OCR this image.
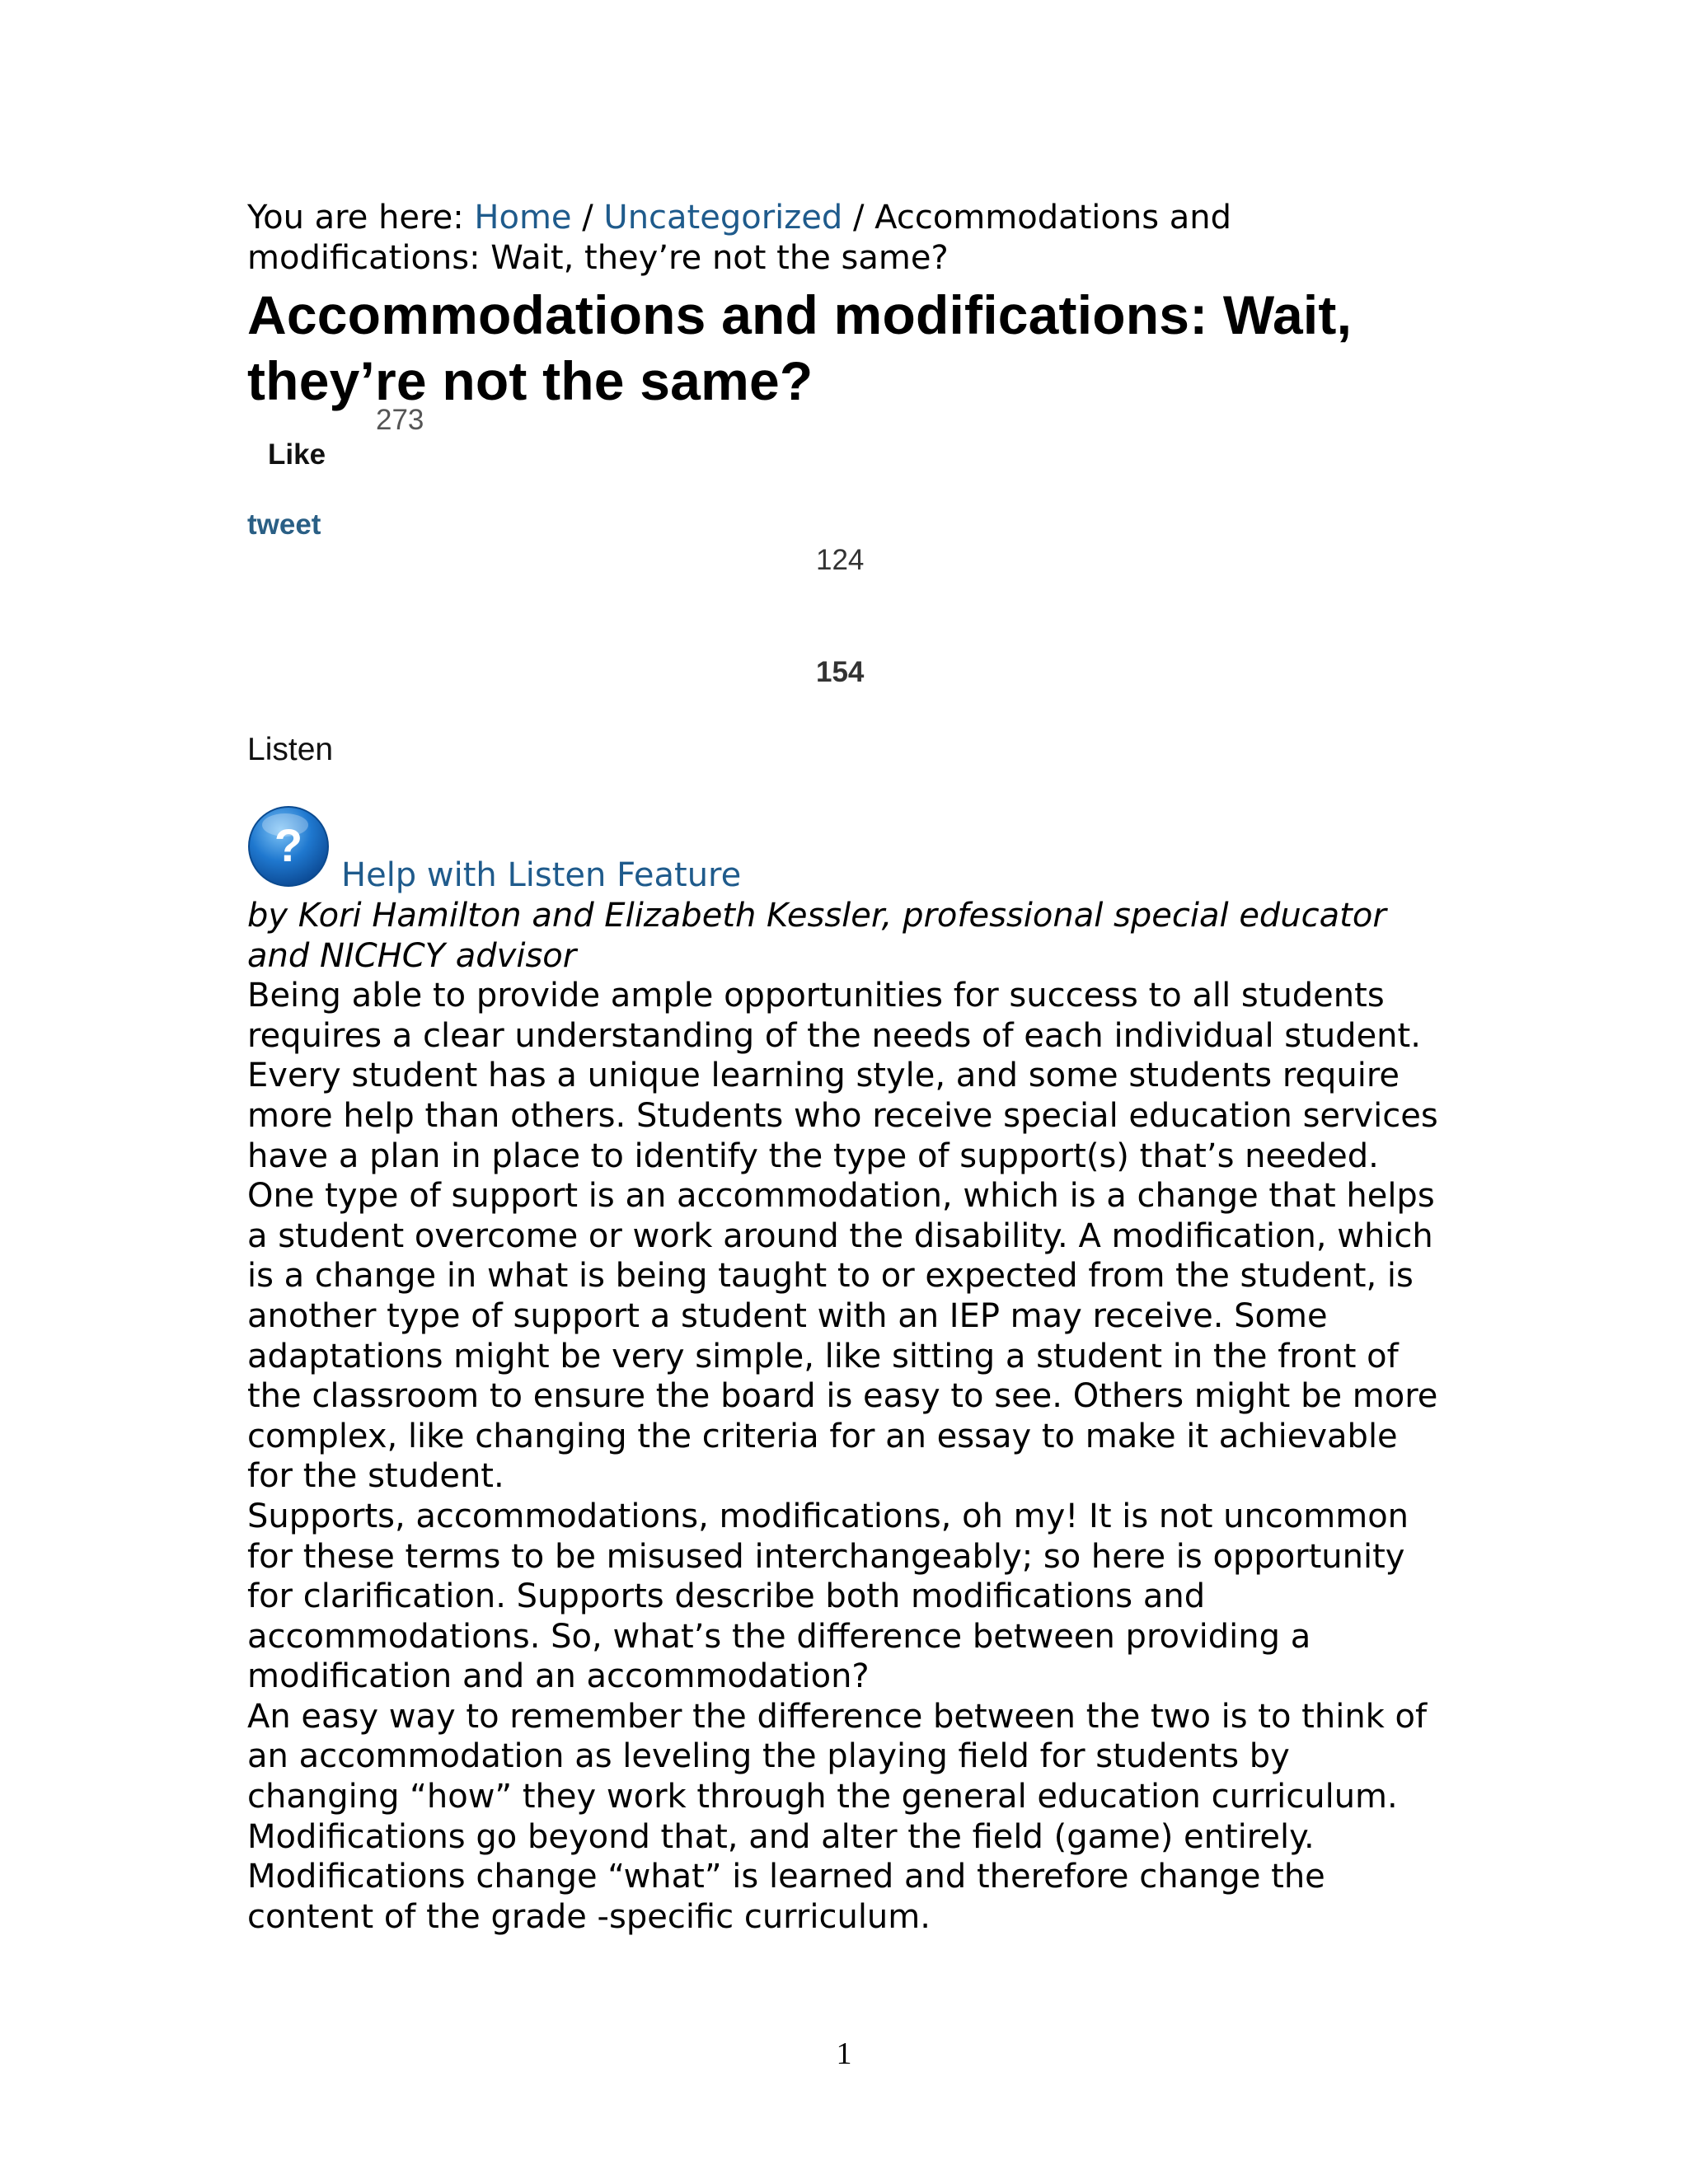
You are here: Home / Uncategorized / Accommodations and modifications: Wait, they’re not the same?

Accommodations and modifications: Wait, they’re not the same?
273
Like
tweet
124
154
Listen
?
Help with Listen Feature

by Kori Hamilton and Elizabeth Kessler, professional special educator and NICHCY advisor

Being able to provide ample opportunities for success to all students requires a clear understanding of the needs of each individual student. Every student has a unique learning style, and some students require more help than others. Students who receive special education services have a plan in place to identify the type of support(s) that’s needed.

One type of support is an accommodation, which is a change that helps a student overcome or work around the disability. A modification, which is a change in what is being taught to or expected from the student, is another type of support a student with an IEP may receive. Some adaptations might be very simple, like sitting a student in the front of the classroom to ensure the board is easy to see. Others might be more complex, like changing the criteria for an essay to make it achievable for the student.

Supports, accommodations, modifications, oh my! It is not uncommon for these terms to be misused interchangeably; so here is opportunity for clarification. Supports describe both modifications and accommodations. So, what’s the difference between providing a modification and an accommodation?

An easy way to remember the difference between the two is to think of an accommodation as leveling the playing field for students by changing “how” they work through the general education curriculum. Modifications go beyond that, and alter the field (game) entirely. Modifications change “what” is learned and therefore change the content of the grade -specific curriculum.

1
